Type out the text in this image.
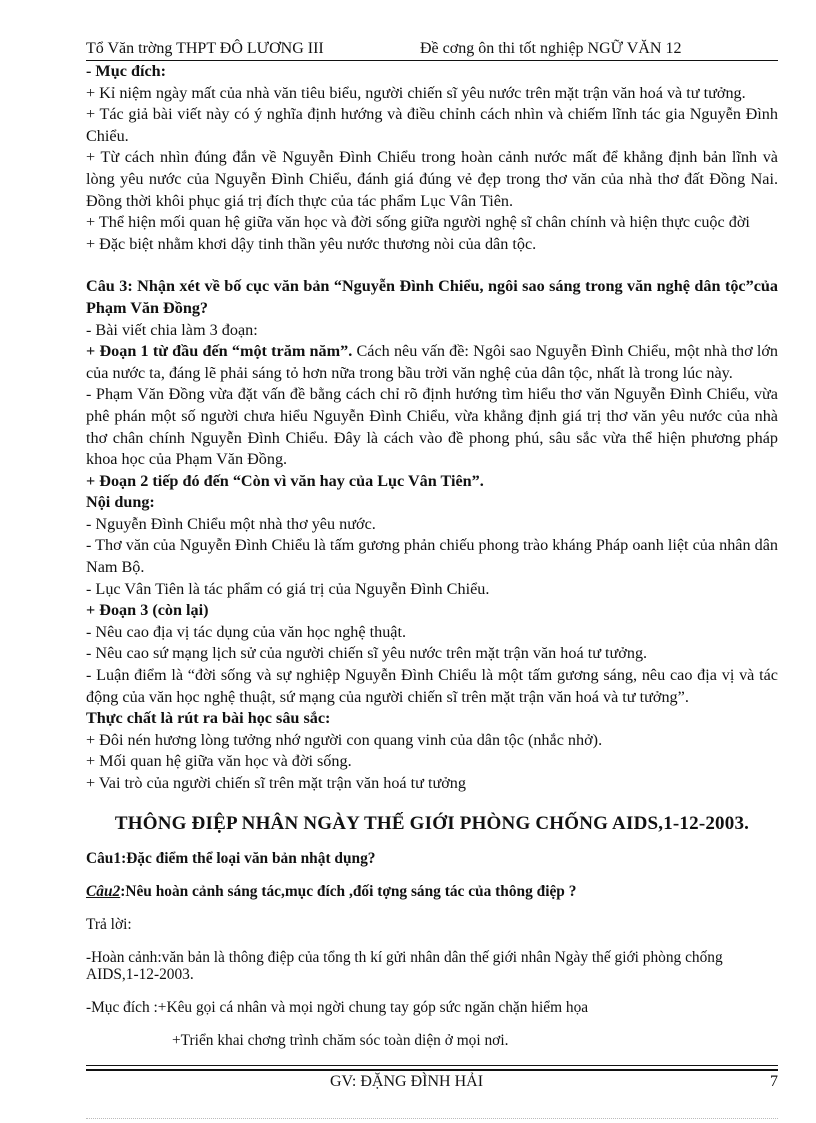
Tổ Văn trờng THPT ĐÔ LƯƠNG III	Đề cơng ôn thi tốt nghiệp NGỮ VĂN 12

- Mục đích:

+ Kỉ niệm ngày mất của nhà văn tiêu biểu, người chiến sĩ yêu nước trên mặt trận văn hoá và tư tưởng.

+ Tác giả bài viết này có ý nghĩa định hướng và điều chỉnh cách nhìn và chiếm lĩnh tác gia Nguyễn Đình Chiểu.

+ Từ cách nhìn đúng đắn về Nguyễn Đình Chiểu trong hoàn cảnh nước mất để khẳng định bản lĩnh và lòng yêu nước của Nguyễn Đình Chiểu, đánh giá đúng vẻ đẹp trong thơ văn của nhà thơ đất Đồng Nai. Đồng thời khôi phục giá trị đích thực của tác phẩm Lục Vân Tiên.

+ Thể hiện mối quan hệ giữa văn học và đời sống giữa người nghệ sĩ chân chính và hiện thực cuộc đời

+ Đặc biệt nhằm khơi dậy tinh thần yêu nước thương nòi của dân tộc.

Câu 3: Nhận xét về bố cục văn bản “Nguyễn Đình Chiểu, ngôi sao sáng trong văn nghệ dân tộc”của Phạm Văn Đồng?

- Bài viết chia làm 3 đoạn:

+ Đoạn 1 từ đầu đến “một trăm năm”. Cách nêu vấn đề: Ngôi sao Nguyễn Đình Chiểu, một nhà thơ lớn của nước ta, đáng lẽ phải sáng tỏ hơn nữa trong bầu trời văn nghệ của dân tộc, nhất là trong lúc này.

- Phạm Văn Đồng vừa đặt vấn đề bằng cách chỉ rõ định hướng tìm hiểu thơ văn Nguyễn Đình Chiểu, vừa phê phán một số người chưa hiểu Nguyễn Đình Chiểu, vừa khẳng định giá trị thơ văn yêu nước của nhà thơ chân chính Nguyễn Đình Chiểu. Đây là cách vào đề phong phú, sâu sắc vừa thể hiện phương pháp khoa học của Phạm Văn Đồng.

+ Đoạn 2 tiếp đó đến “Còn vì văn hay của Lục Vân Tiên”.

Nội dung:

- Nguyễn Đình Chiểu một nhà thơ yêu nước.

- Thơ văn của Nguyễn Đình Chiểu là tấm gương phản chiếu phong trào kháng Pháp oanh liệt của nhân dân Nam Bộ.

- Lục Vân Tiên là tác phẩm có giá trị của Nguyễn Đình Chiểu.

+ Đoạn 3 (còn lại)

- Nêu cao địa vị tác dụng của văn học nghệ thuật.

- Nêu cao sứ mạng lịch sử của người chiến sĩ yêu nước trên mặt trận văn hoá tư tưởng.

- Luận điểm là “đời sống và sự nghiệp Nguyễn Đình Chiểu là một tấm gương sáng, nêu cao địa vị và tác động của văn học nghệ thuật, sứ mạng của người chiến sĩ trên mặt trận văn hoá và tư tưởng”.

Thực chất là rút ra bài học sâu sắc:

+ Đôi nén hương lòng tưởng nhớ người con quang vinh của dân tộc (nhắc nhở).

+ Mối quan hệ giữa văn học và đời sống.

+ Vai trò của người chiến sĩ trên mặt trận văn hoá tư tưởng

THÔNG ĐIỆP NHÂN NGÀY THẾ GIỚI PHÒNG CHỐNG AIDS,1-12-2003.

Câu1:Đặc điểm thể loại văn bản nhật dụng?

Câu2:Nêu hoàn cảnh sáng tác,mục đích ,đối tợng sáng tác của thông điệp ?

Trả lời:

-Hoàn cảnh:văn bản là thông điệp của tổng th kí gửi nhân dân thế giới nhân Ngày thế giới phòng chống AIDS,1-12-2003.

-Mục đích :+Kêu gọi cá nhân và mọi ngời chung tay góp sức ngăn chặn hiểm họa

+Triển khai chơng trình chăm sóc toàn diện ở mọi nơi.

GV: ĐẶNG ĐÌNH HẢI	7
